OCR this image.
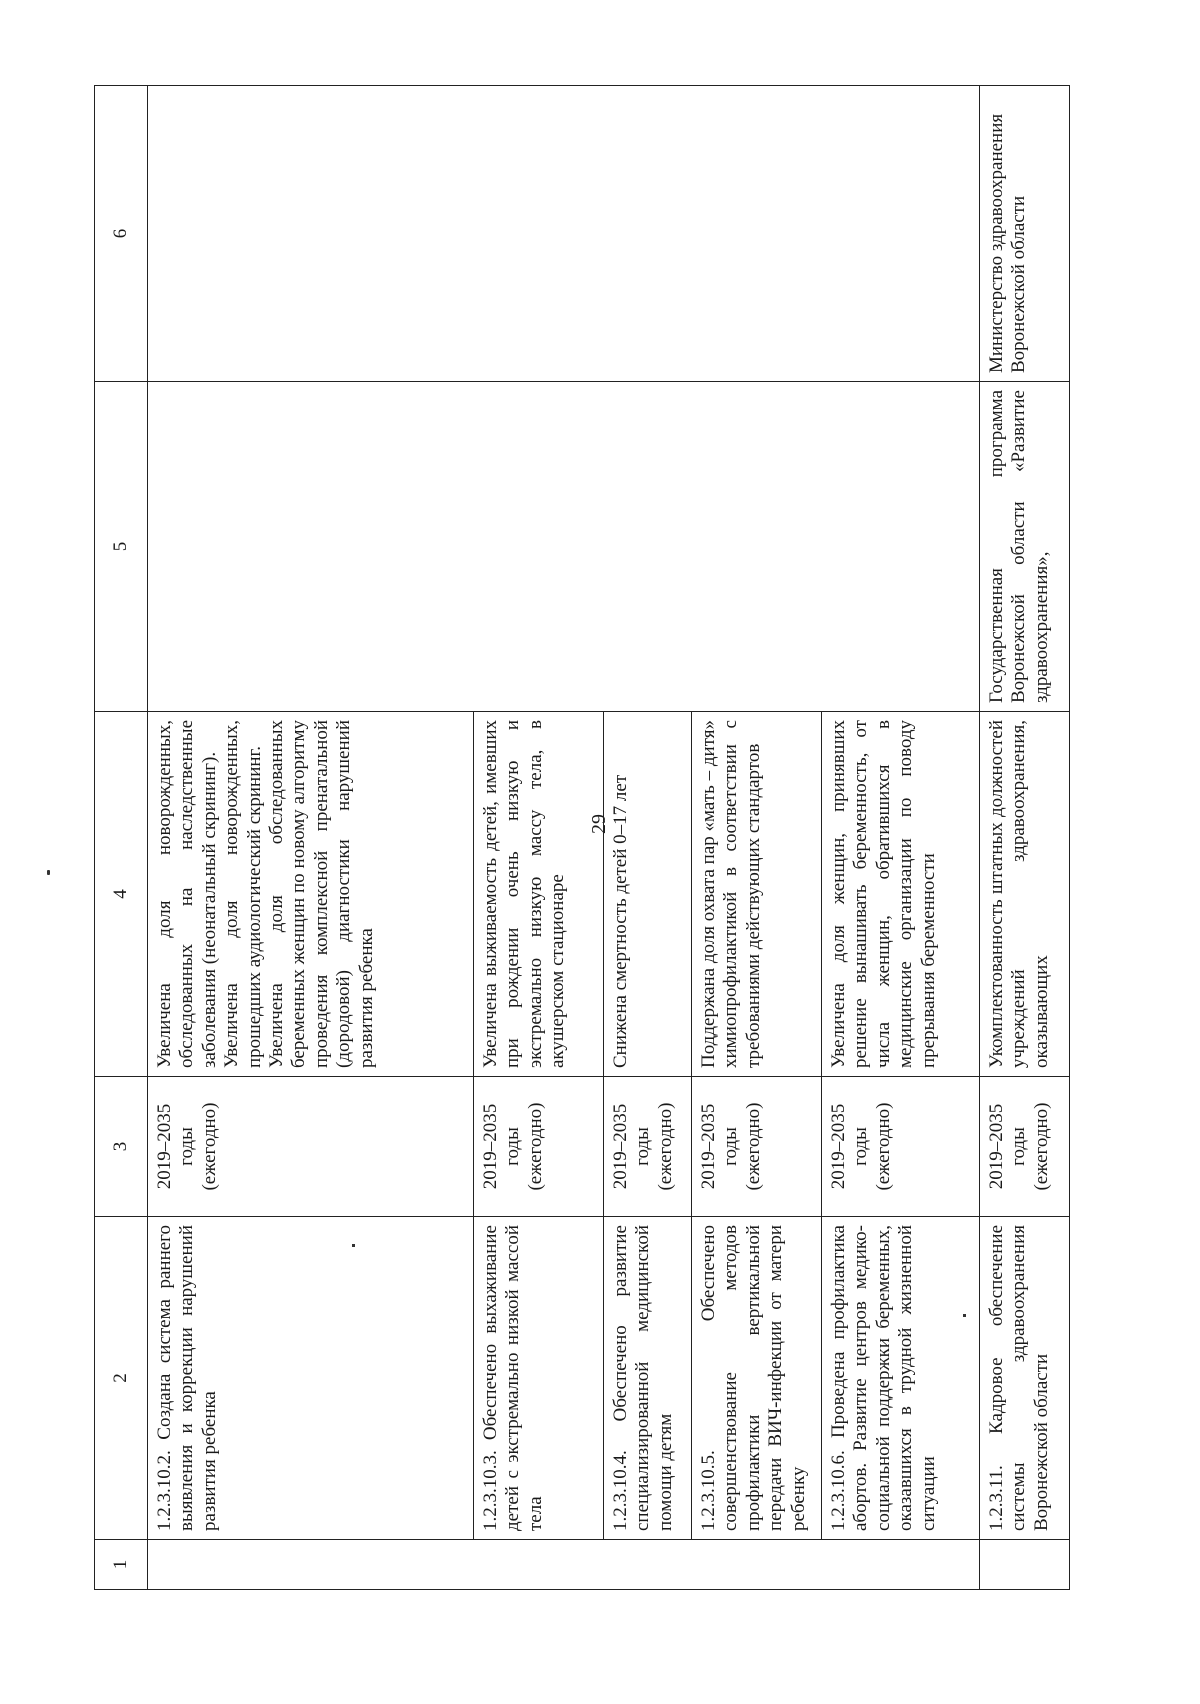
29
1	2	3	4	5	6
	1.2.3.10.2. Создана система раннего выявления и коррекции нарушений развития ребенка	2019–2035 годы (ежегодно)	Увеличена доля новорожденных, обследованных на наследственные заболевания (неонатальный скрининг). Увеличена доля новорожденных, прошедших аудиологический скрининг. Увеличена доля обследованных беременных женщин по новому алгоритму проведения комплексной пренатальной (дородовой) диагностики нарушений развития ребенка		

	1.2.3.10.3. Обеспечено выхаживание детей с экстремально низкой массой тела	2019–2035 годы (ежегодно)	Увеличена выживаемость детей, имевших при рождении очень низкую и экстремально низкую массу тела, в акушерском стационаре		
	1.2.3.10.4. Обеспечено развитие специализированной медицинской помощи детям	2019–2035 годы (ежегодно)	Снижена смертность детей 0–17 лет		
	1.2.3.10.5. Обеспечено совершенствование методов профилактики вертикальной передачи ВИЧ-инфекции от матери ребенку	2019–2035 годы (ежегодно)	Поддержана доля охвата пар «мать – дитя» химиопрофилактикой в соответствии с требованиями действующих стандартов		
	1.2.3.10.6. Проведена профилактика абортов. Развитие центров медико-социальной поддержки беременных, оказавшихся в трудной жизненной ситуации	2019–2035 годы (ежегодно)	Увеличена доля женщин, принявших решение вынашивать беременность, от числа женщин, обратившихся в медицинские организации по поводу прерывания беременности		
	1.2.3.11. Кадровое обеспечение системы здравоохранения Воронежской области	2019–2035 годы (ежегодно)	Укомплектованность штатных должностей учреждений здравоохранения, оказывающих	Государственная программа Воронежской области «Развитие здравоохранения»,	Министерство здравоохранения Воронежской области
